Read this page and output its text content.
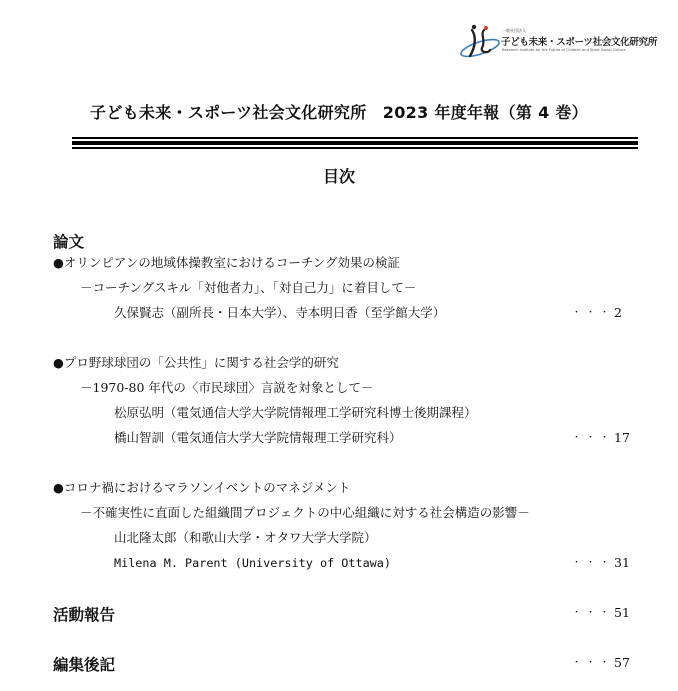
一般社団法人
子ども未来・スポーツ社会文化研究所
Research Institute for the Future of Children and Sport Social Culture
子ども未来・スポーツ社会文化研究所　2023 年度年報（第 4 巻）
目次
論文
●オリンピアンの地域体操教室におけるコーチング効果の検証
－コーチングスキル「対他者力」、「対自己力」に着目して－
久保賢志（副所長・日本大学）、寺本明日香（至学館大学）	・・・2
●プロ野球球団の「公共性」に関する社会学的研究
－1970-80 年代の〈市民球団〉言説を対象として－
松原弘明（電気通信大学大学院情報理工学研究科博士後期課程）
橋山智訓（電気通信大学大学院情報理工学研究科）	・・・17
●コロナ禍におけるマラソンイベントのマネジメント
－不確実性に直面した組織間プロジェクトの中心組織に対する社会構造の影響－
山北隆太郎（和歌山大学・オタワ大学大学院）
Milena M. Parent (University of Ottawa)	・・・31
活動報告	・・・51
編集後記	・・・57
